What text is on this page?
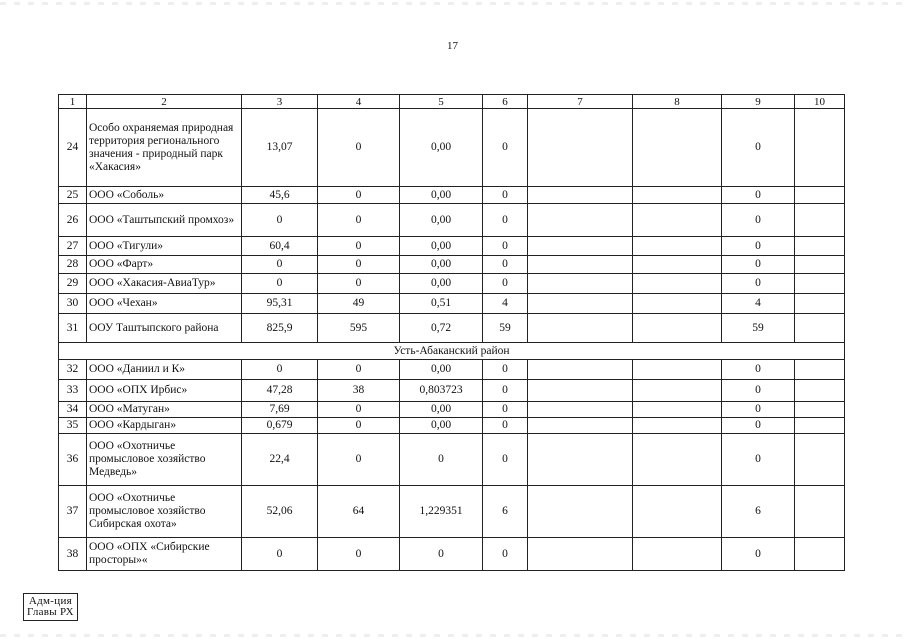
17
1	2	3	4	5	6	7	8	9	10
24	Особо охраняемая природная территория регионального значения - природный парк «Хакасия»	13,07	0	0,00	0			0	
25	ООО «Соболь»	45,6	0	0,00	0			0	
26	ООО «Таштыпский промхоз»	0	0	0,00	0			0	
27	ООО «Тигули»	60,4	0	0,00	0			0	
28	ООО «Фарт»	0	0	0,00	0			0	
29	ООО «Хакасия-АвиаТур»	0	0	0,00	0			0	
30	ООО «Чехан»	95,31	49	0,51	4			4	
31	ООУ Таштыпского района	825,9	595	0,72	59			59	
Усть-Абаканский район									
32	ООО «Даниил и К»	0	0	0,00	0			0	
33	ООО «ОПХ Ирбис»	47,28	38	0,803723	0			0	
34	ООО «Матуган»	7,69	0	0,00	0			0	
35	ООО «Кардыган»	0,679	0	0,00	0			0	
36	ООО «Охотничье промысловое хозяйство Медведь»	22,4	0	0	0			0	
37	ООО «Охотничье промысловое хозяйство Сибирская охота»	52,06	64	1,229351	6			6	
38	ООО «ОПХ «Сибирские просторы»«	0	0	0	0			0	
Адм-ция
Главы РХ
